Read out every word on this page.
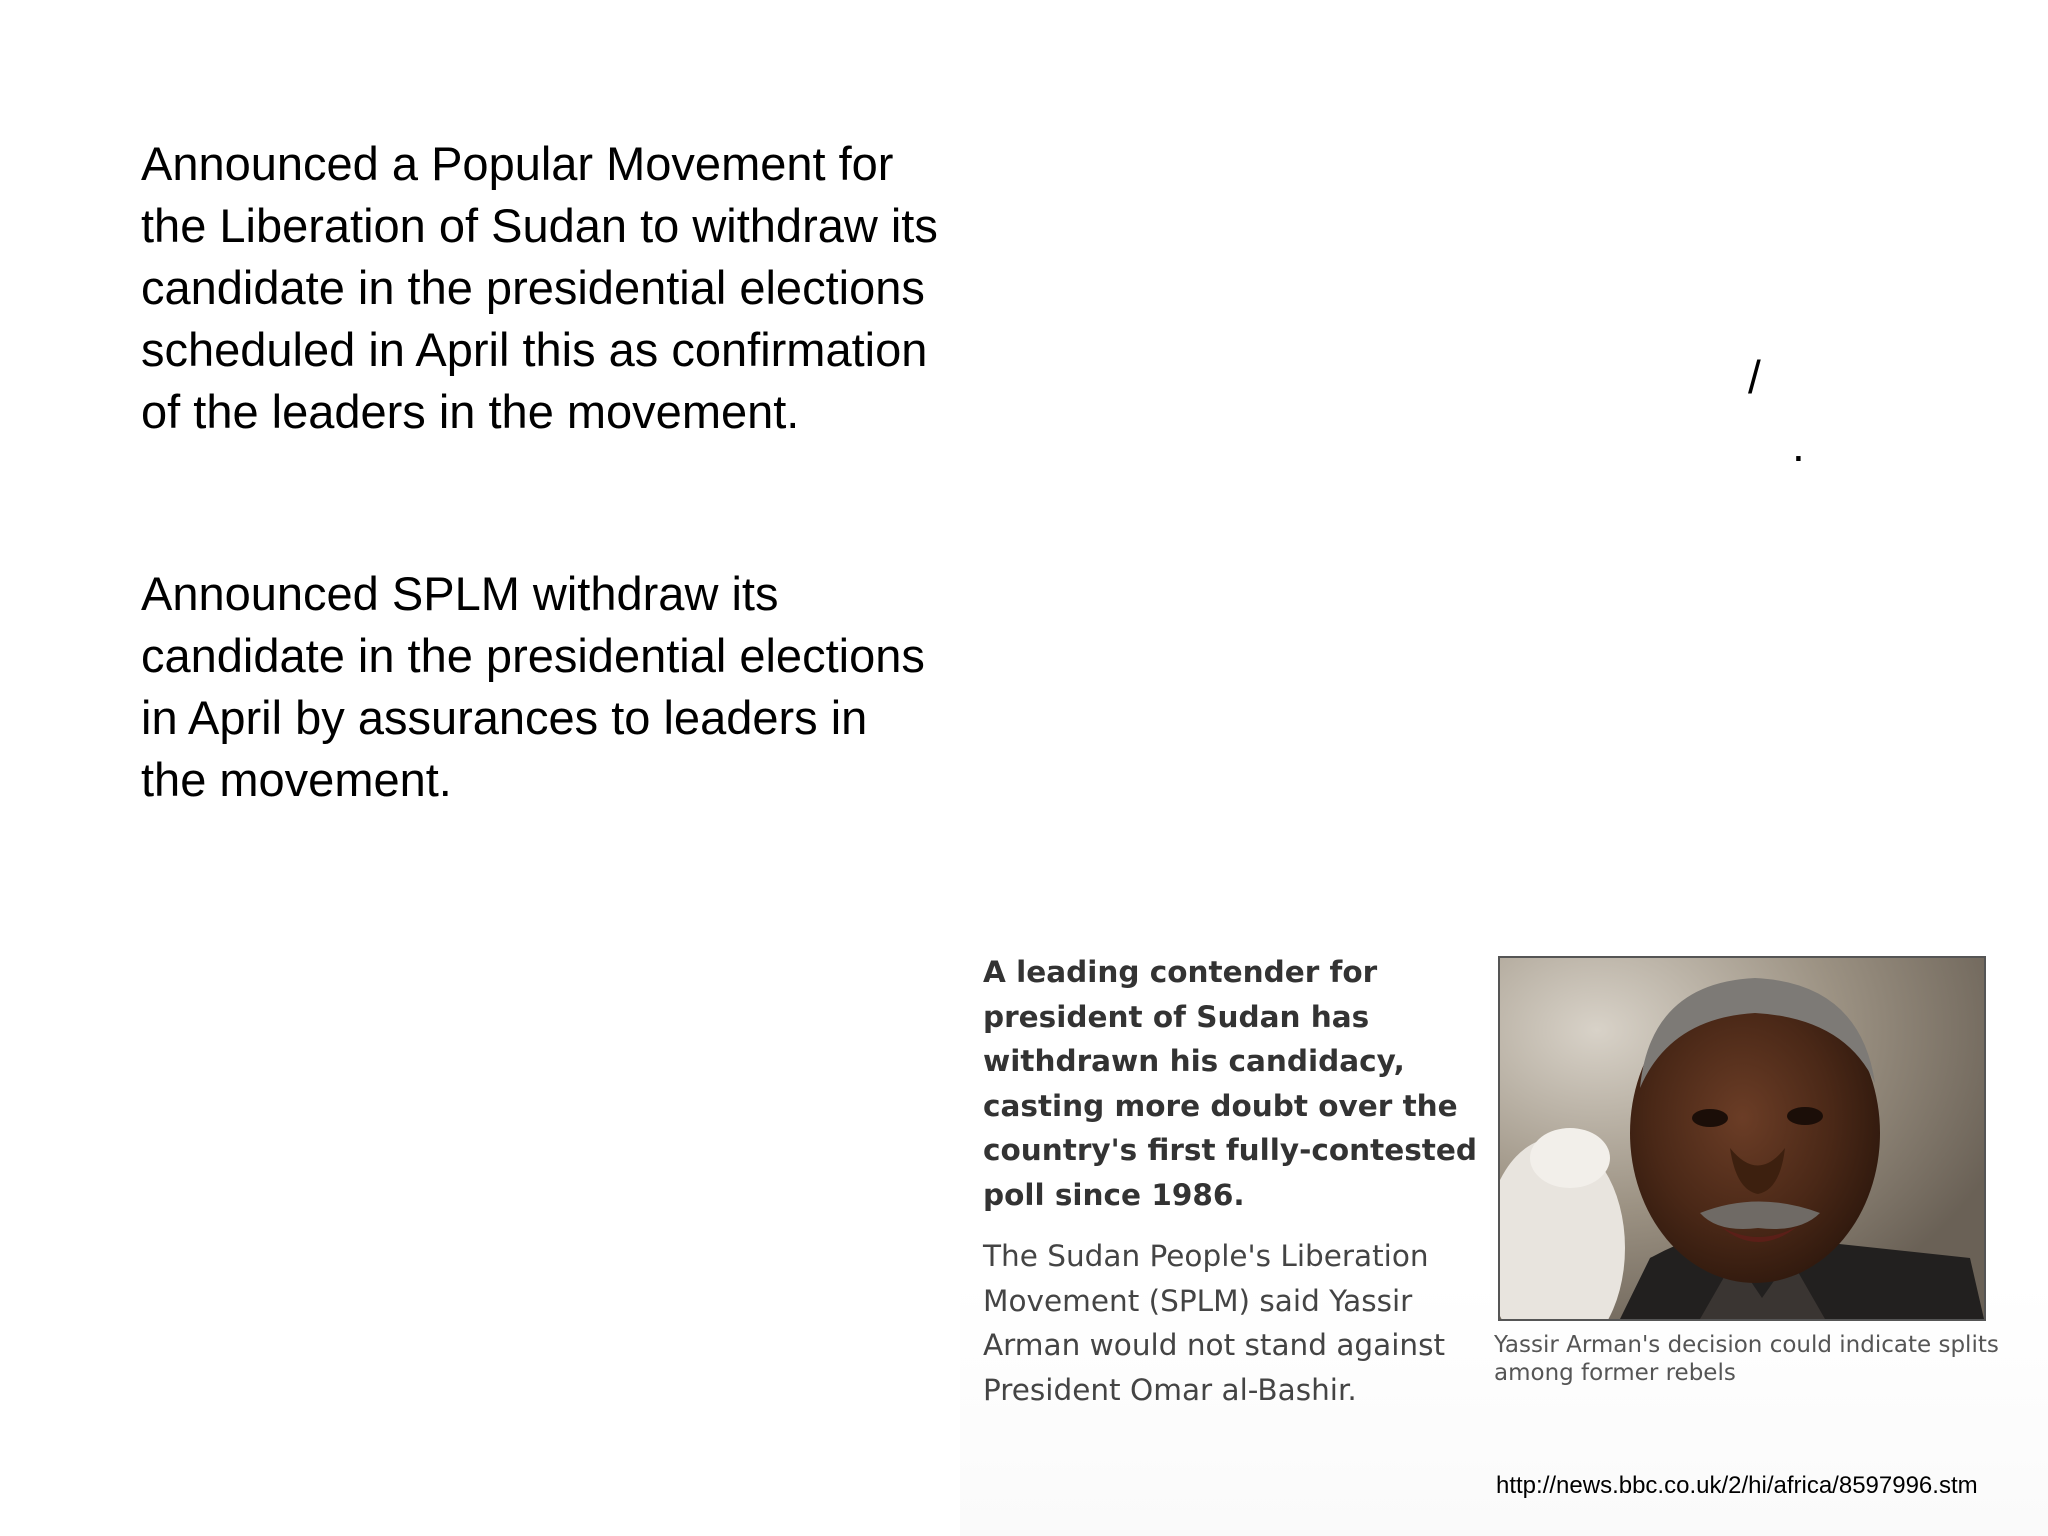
Announced a Popular Movement for the Liberation of Sudan to withdraw its candidate in the presidential elections scheduled in April this as confirmation of the leaders in the movement.

Announced SPLM withdraw its candidate in the presidential elections in April by assurances to leaders in the movement.

/
.

A leading contender for president of Sudan has withdrawn his candidacy, casting more doubt over the country's first fully-contested poll since 1986.

The Sudan People's Liberation Movement (SPLM) said Yassir Arman would not stand against President Omar al-Bashir.

Yassir Arman's decision could indicate splits among former rebels

http://news.bbc.co.uk/2/hi/africa/8597996.stm
